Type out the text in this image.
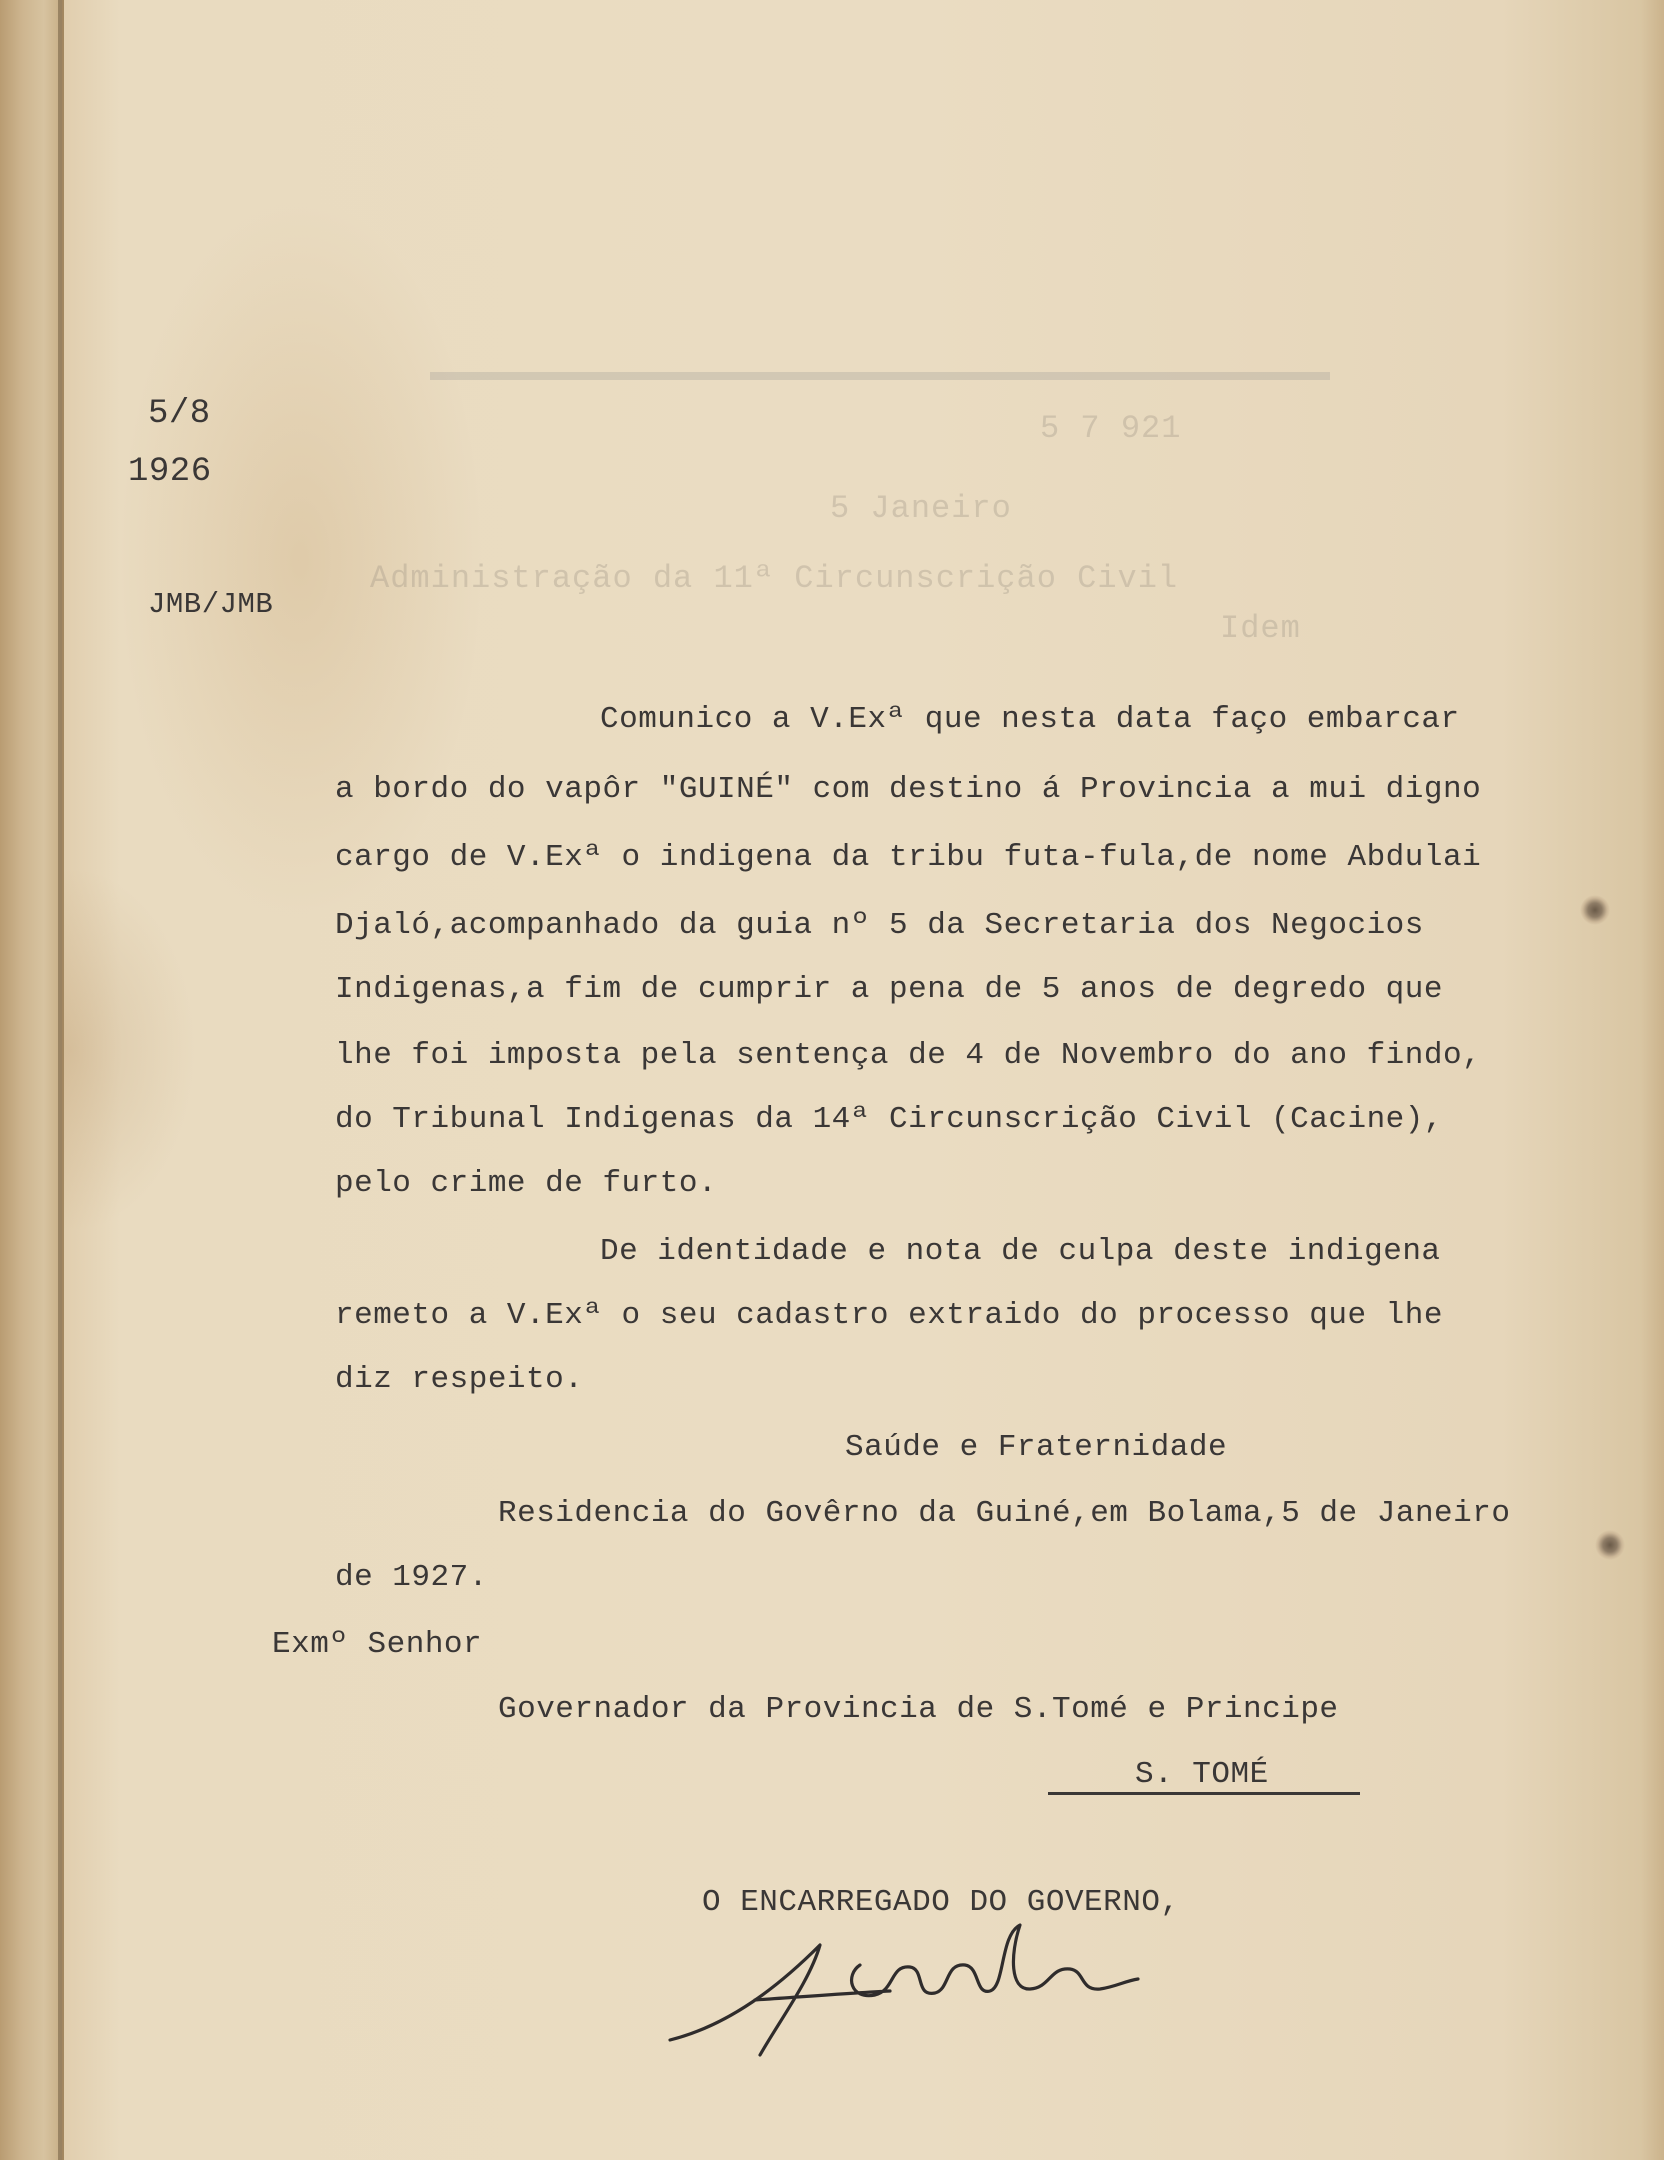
5 7 921
5 Janeiro
Administração da 11ª Circunscrição Civil
Idem
5/8
1926
JMB/JMB
Comunico a V.Exª que nesta data faço embarcar
a bordo do vapôr "GUINÉ" com destino á Provincia a mui digno
cargo de V.Exª o indigena da tribu futa-fula,de nome Abdulai
Djaló,acompanhado da guia nº 5 da Secretaria dos Negocios
Indigenas,a fim de cumprir a pena de 5 anos de degredo que
lhe foi imposta pela sentença de 4 de Novembro do ano findo,
do Tribunal Indigenas da 14ª Circunscrição Civil (Cacine),
pelo crime de furto.
De identidade e nota de culpa deste indigena
remeto a V.Exª o seu cadastro extraido do processo que lhe
diz respeito.
Saúde e Fraternidade
Residencia do Govêrno da Guiné,em Bolama,5 de Janeiro
de 1927.
Exmº Senhor
Governador da Provincia de S.Tomé e Principe
S. TOMÉ
O ENCARREGADO DO GOVERNO,
